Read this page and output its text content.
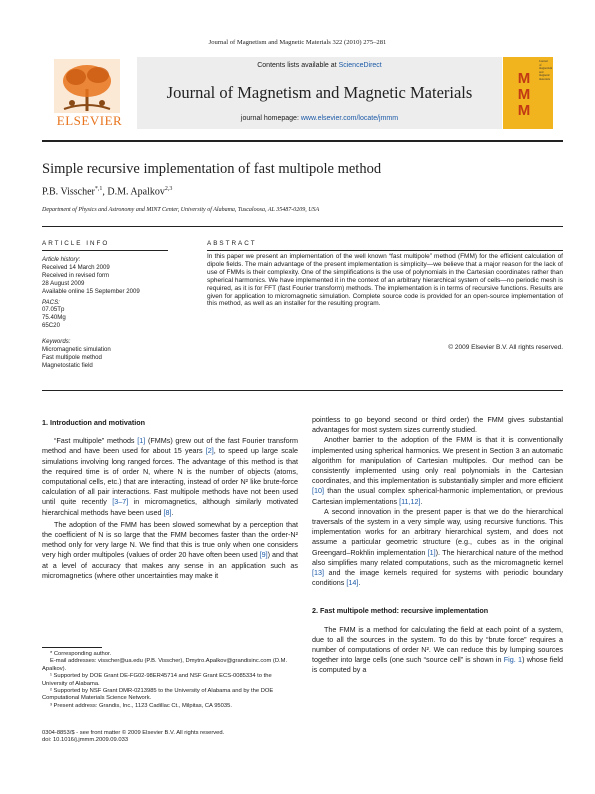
Journal of Magnetism and Magnetic Materials 322 (2010) 275–281
ELSEVIER
Contents lists available at ScienceDirect
Journal of Magnetism and Magnetic Materials
journal homepage: www.elsevier.com/locate/jmmm
Journal of magnetism and magnetic materials
M
M
M
Simple recursive implementation of fast multipole method
P.B. Visscher$^{*,1}$, D.M. Apalkov$^{2,3}$
Department of Physics and Astronomy and MINT Center, University of Alabama, Tuscaloosa, AL 35487-0209, USA
ARTICLE INFO
Article history:
Received 14 March 2009
Received in revised form
28 August 2009
Available online 15 September 2009
PACS:
07.05Tp
75.40Mg
65C20
Keywords:
Micromagnetic simulation
Fast multipole method
Magnetostatic field
ABSTRACT
In this paper we present an implementation of the well known “fast multipole” method (FMM) for the efficient calculation of dipole fields. The main advantage of the present implementation is simplicity—we believe that a major reason for the lack of use of FMMs is their complexity. One of the simplifications is the use of polynomials in the Cartesian coordinates rather than spherical harmonics. We have implemented it in the context of an arbitrary hierarchical system of cells—no periodic mesh is required, as it is for FFT (fast Fourier transform) methods. The implementation is in terms of recursive functions. Results are given for application to micromagnetic simulation. Complete source code is provided for an open-source implementation of this method, as well as an installer for the resulting program.
© 2009 Elsevier B.V. All rights reserved.
1. Introduction and motivation

“Fast multipole” methods [1] (FMMs) grew out of the fast Fourier transform method and have been used for about 15 years [2], to speed up large scale simulations involving long ranged forces. The advantage of this method is that the required time is of order N, where N is the number of objects (atoms, computational cells, etc.) that are interacting, instead of order N² like brute-force calculation of all pair interactions. Fast multipole methods have not been used until quite recently [3–7] in micromagnetics, although similarly motivated hierarchical methods have been used [8].

The adoption of the FMM has been slowed somewhat by a perception that the coefficient of N is so large that the FMM becomes faster than the order-N² method only for very large N. We find that this is true only when one considers very high order multipoles (values of order 20 have often been used [9]) and that at a level of accuracy that makes any sense in an application such as micromagnetics (where other uncertainties may make it

pointless to go beyond second or third order) the FMM gives substantial advantages for most system sizes currently studied.

Another barrier to the adoption of the FMM is that it is conventionally implemented using spherical harmonics. We present in Section 3 an automatic algorithm for manipulation of Cartesian multipoles. Our method can be consistently implemented using only real polynomials in the Cartesian coordinates, and this implementation is substantially simpler and more efficient [10] than the usual complex spherical-harmonic implementation, or previous Cartesian implementations [11,12].

A second innovation in the present paper is that we do the hierarchical traversals of the system in a very simple way, using recursive functions. This implementation works for an arbitrary hierarchical system, and does not assume a particular geometric structure (e.g., cubes as in the original Greengard–Rokhlin implementation [1]). The hierarchical nature of the method also simplifies many related computations, such as the micromagnetic kernel [13] and the image kernels required for systems with periodic boundary conditions [14].

2. Fast multipole method: recursive implementation

The FMM is a method for calculating the field at each point of a system, due to all the sources in the system. To do this by “brute force” requires a number of computations of order N². We can reduce this by lumping sources together into large cells (one such “source cell” is shown in Fig. 1) whose field is computed by a

* Corresponding author.
E-mail addresses: visscher@ua.edu (P.B. Visscher), Dmytro.Apalkov@grandisinc.com (D.M. Apalkov).
¹ Supported by DOE Grant DE-FG02-98ER45714 and NSF Grant ECS-0085334 to the University of Alabama.
² Supported by NSF Grant DMR-0213985 to the University of Alabama and by the DOE Computational Materials Science Network.
³ Present address: Grandis, Inc., 1123 Cadillac Ct., Milpitas, CA 95035.
0304-8853/$ - see front matter © 2009 Elsevier B.V. All rights reserved.
doi: 10.1016/j.jmmm.2009.09.033
